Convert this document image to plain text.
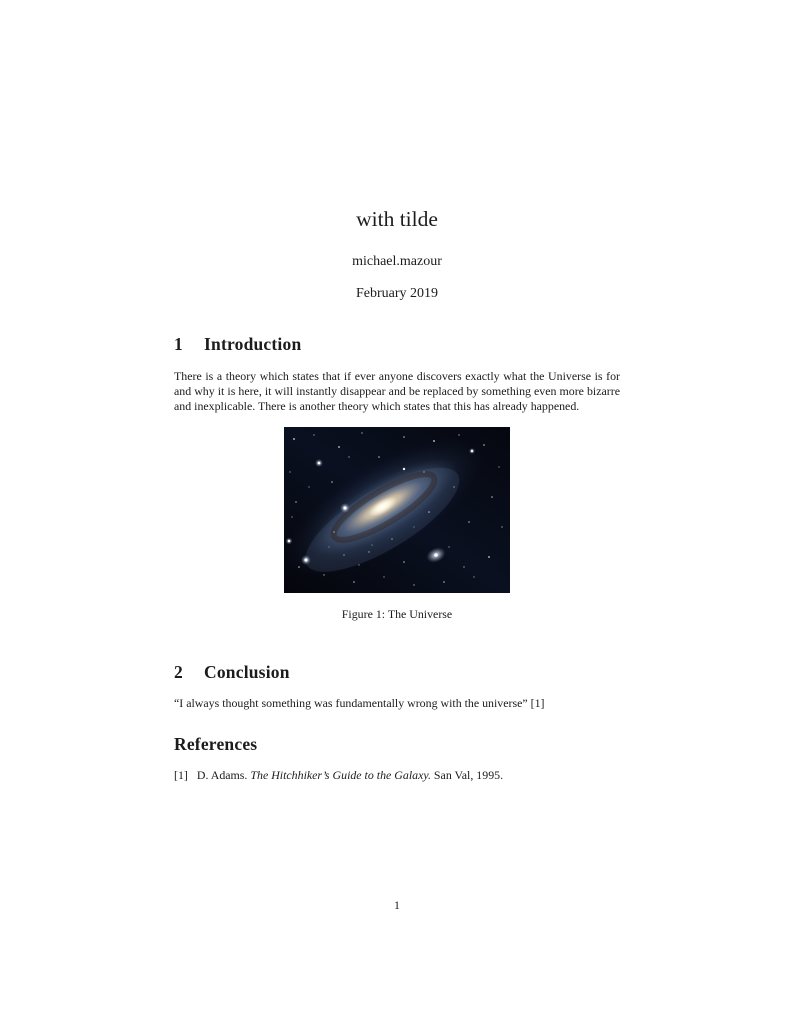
with tilde
michael.mazour
February 2019
1	Introduction
There is a theory which states that if ever anyone discovers exactly what the Universe is for and why it is here, it will instantly disappear and be replaced by something even more bizarre and inexplicable. There is another theory which states that this has already happened.
Figure 1: The Universe
2	Conclusion
“I always thought something was fundamentally wrong with the universe” [1]
References
[1] D. Adams. The Hitchhiker’s Guide to the Galaxy. San Val, 1995.
1
